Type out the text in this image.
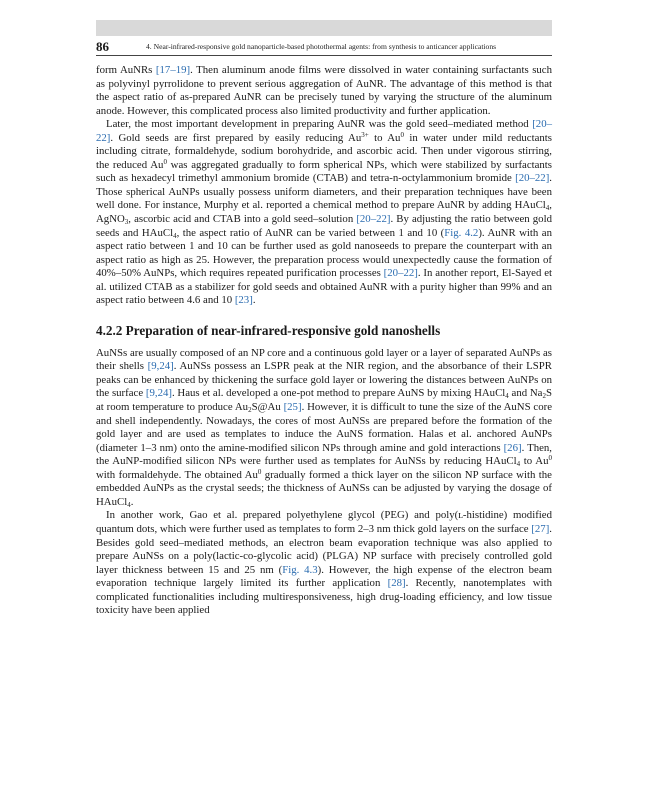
86	4. Near-infrared-responsive gold nanoparticle-based photothermal agents: from synthesis to anticancer applications

form AuNRs [17–19]. Then aluminum anode films were dissolved in water containing surfactants such as polyvinyl pyrrolidone to prevent serious aggregation of AuNR. The advantage of this method is that the aspect ratio of as-prepared AuNR can be precisely tuned by varying the structure of the aluminum anode. However, this complicated process also limited productivity and further application.

Later, the most important development in preparing AuNR was the gold seed–mediated method [20–22]. Gold seeds are first prepared by easily reducing $Au^{3+}$ to Au$^0$ in water under mild reductants including citrate, formaldehyde, sodium borohydride, and ascorbic acid. Then under vigorous stirring, the reduced Au$^0$ was aggregated gradually to form spherical NPs, which were stabilized by surfactants such as hexadecyl trimethyl ammonium bromide (CTAB) and tetra-n-octylammonium bromide [20–22]. Those spherical AuNPs usually possess uniform diameters, and their preparation techniques have been well done. For instance, Murphy et al. reported a chemical method to prepare AuNR by adding HAuCl$_4$, AgNO$_3$, ascorbic acid and CTAB into a gold seed–solution [20–22]. By adjusting the ratio between gold seeds and HAuCl$_4$, the aspect ratio of AuNR can be varied between 1 and 10 (Fig. 4.2). AuNR with an aspect ratio between 1 and 10 can be further used as gold nanoseeds to prepare the counterpart with an aspect ratio as high as 25. However, the preparation process would unexpectedly cause the formation of 40%–50% AuNPs, which requires repeated purification processes [20–22]. In another report, El-Sayed et al. utilized CTAB as a stabilizer for gold seeds and obtained AuNR with a purity higher than 99% and an aspect ratio between 4.6 and 10 [23].

4.2.2 Preparation of near-infrared-responsive gold nanoshells

AuNSs are usually composed of an NP core and a continuous gold layer or a layer of separated AuNPs as their shells [9,24]. AuNSs possess an LSPR peak at the NIR region, and the absorbance of their LSPR peaks can be enhanced by thickening the surface gold layer or lowering the distances between AuNPs on the surface [9,24]. Haus et al. developed a one-pot method to prepare AuNS by mixing HAuCl$_4$ and $Na_2S$ at room temperature to produce $Au_2S@Au$ [25]. However, it is difficult to tune the size of the AuNS core and shell independently. Nowadays, the cores of most AuNSs are prepared before the formation of the gold layer and are used as templates to induce the AuNS formation. Halas et al. anchored AuNPs (diameter 1–3 nm) onto the amine-modified silicon NPs through amine and gold interactions [26]. Then, the AuNP-modified silicon NPs were further used as templates for AuNSs by reducing HAuCl$_4$ to Au$^0$ with formaldehyde. The obtained Au$^0$ gradually formed a thick layer on the silicon NP surface with the embedded AuNPs as the crystal seeds; the thickness of AuNSs can be adjusted by varying the dosage of HAuCl$_4$.

In another work, Gao et al. prepared polyethylene glycol (PEG) and poly(ʟ-histidine) modified quantum dots, which were further used as templates to form 2–3 nm thick gold layers on the surface [27]. Besides gold seed–mediated methods, an electron beam evaporation technique was also applied to prepare AuNSs on a poly(lactic-co-glycolic acid) (PLGA) NP surface with precisely controlled gold layer thickness between 15 and 25 nm (Fig. 4.3). However, the high expense of the electron beam evaporation technique largely limited its further application [28]. Recently, nanotemplates with complicated functionalities including multiresponsiveness, high drug-loading efficiency, and low tissue toxicity have been applied
